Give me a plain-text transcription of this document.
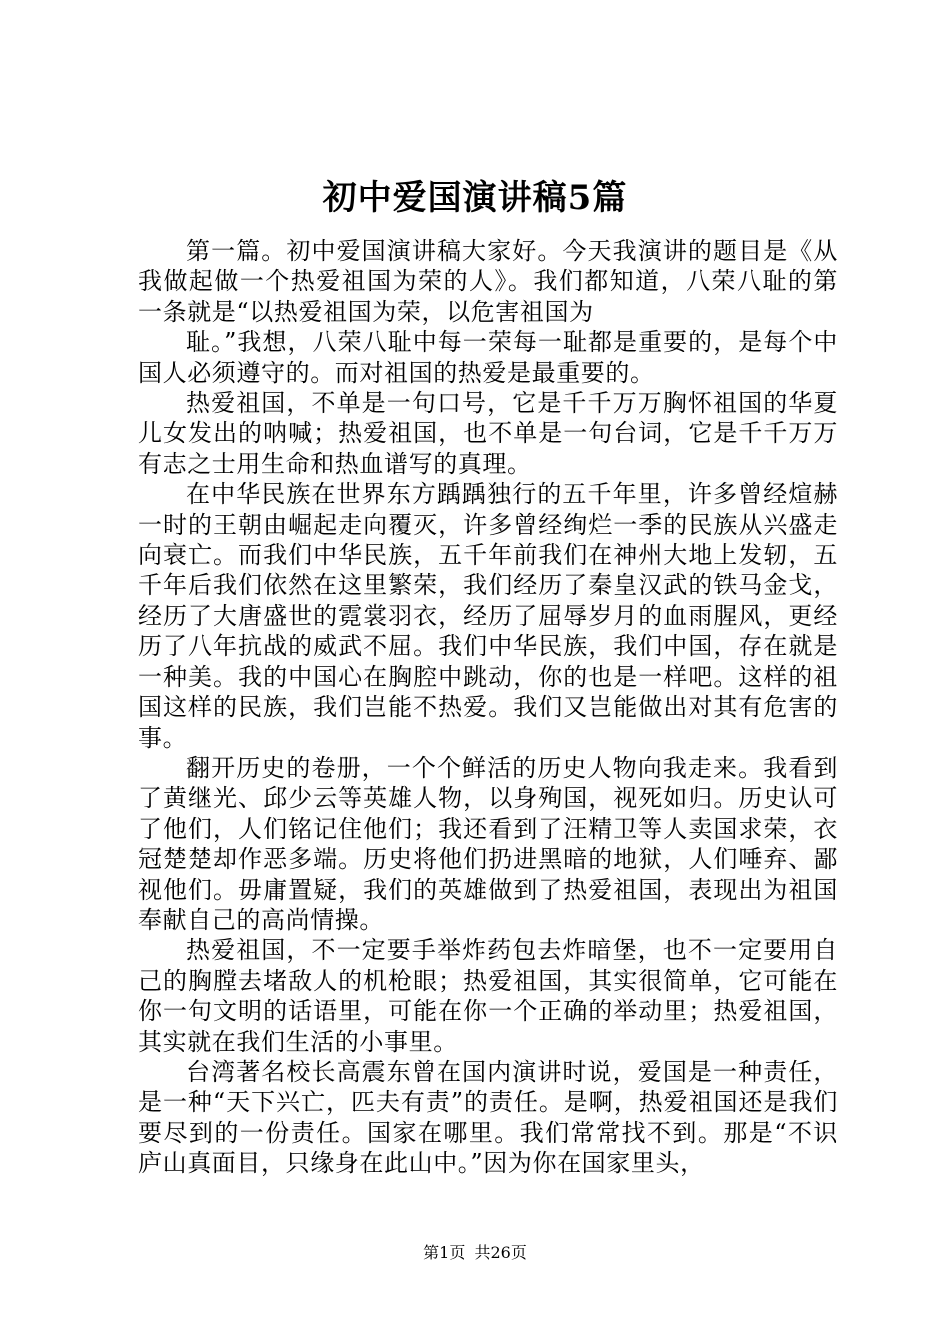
初中爱国演讲稿5篇

第一篇。初中爱国演讲稿大家好。今天我演讲的题目是《从我做起做一个热爱祖国为荣的人》。我们都知道，八荣八耻的第一条就是“以热爱祖国为荣，以危害祖国为

耻。”我想，八荣八耻中每一荣每一耻都是重要的，是每个中国人必须遵守的。而对祖国的热爱是最重要的。

热爱祖国，不单是一句口号，它是千千万万胸怀祖国的华夏儿女发出的呐喊；热爱祖国，也不单是一句台词，它是千千万万有志之士用生命和热血谱写的真理。

在中华民族在世界东方踽踽独行的五千年里，许多曾经煊赫一时的王朝由崛起走向覆灭，许多曾经绚烂一季的民族从兴盛走向衰亡。而我们中华民族，五千年前我们在神州大地上发轫，五千年后我们依然在这里繁荣，我们经历了秦皇汉武的铁马金戈，经历了大唐盛世的霓裳羽衣，经历了屈辱岁月的血雨腥风，更经历了八年抗战的威武不屈。我们中华民族，我们中国，存在就是一种美。我的中国心在胸腔中跳动，你的也是一样吧。这样的祖国这样的民族，我们岂能不热爱。我们又岂能做出对其有危害的事。

翻开历史的卷册，一个个鲜活的历史人物向我走来。我看到了黄继光、邱少云等英雄人物，以身殉国，视死如归。历史认可了他们，人们铭记住他们；我还看到了汪精卫等人卖国求荣，衣冠楚楚却作恶多端。历史将他们扔进黑暗的地狱，人们唾弃、鄙视他们。毋庸置疑，我们的英雄做到了热爱祖国，表现出为祖国奉献自己的高尚情操。

热爱祖国，不一定要手举炸药包去炸暗堡，也不一定要用自己的胸膛去堵敌人的机枪眼；热爱祖国，其实很简单，它可能在你一句文明的话语里，可能在你一个正确的举动里；热爱祖国，其实就在我们生活的小事里。

台湾著名校长高震东曾在国内演讲时说，爱国是一种责任，是一种“天下兴亡，匹夫有责”的责任。是啊，热爱祖国还是我们要尽到的一份责任。国家在哪里。我们常常找不到。那是“不识庐山真面目，只缘身在此山中。”因为你在国家里头，

第1页 共26页
